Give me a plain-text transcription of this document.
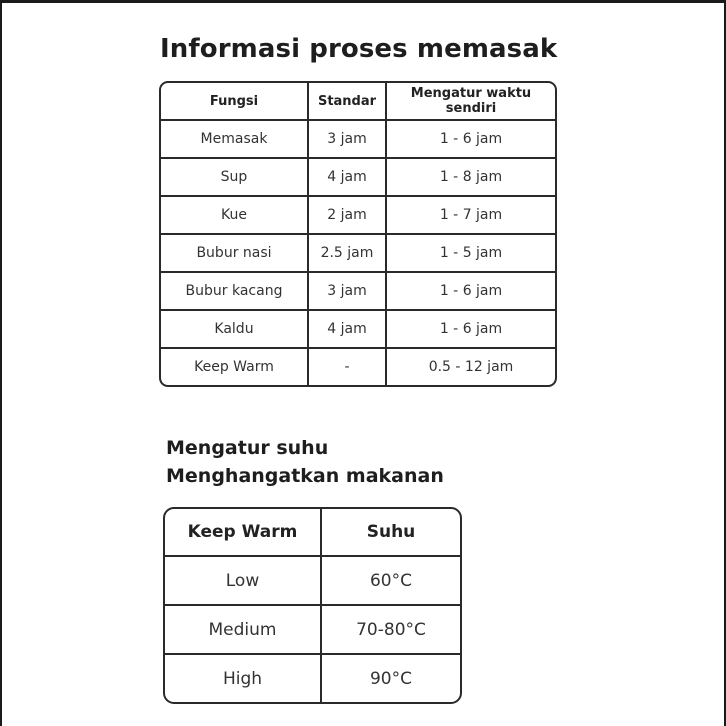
Informasi proses memasak
Fungsi	Standar	Mengatur waktu sendiri
Memasak	3 jam	1 - 6 jam
Sup	4 jam	1 - 8 jam
Kue	2 jam	1 - 7 jam
Bubur nasi	2.5 jam	1 - 5 jam
Bubur kacang	3 jam	1 - 6 jam
Kaldu	4 jam	1 - 6 jam
Keep Warm	-	0.5 - 12 jam
Mengatur suhu
Menghangatkan makanan
Keep Warm	Suhu
Low	60°C
Medium	70-80°C
High	90°C
